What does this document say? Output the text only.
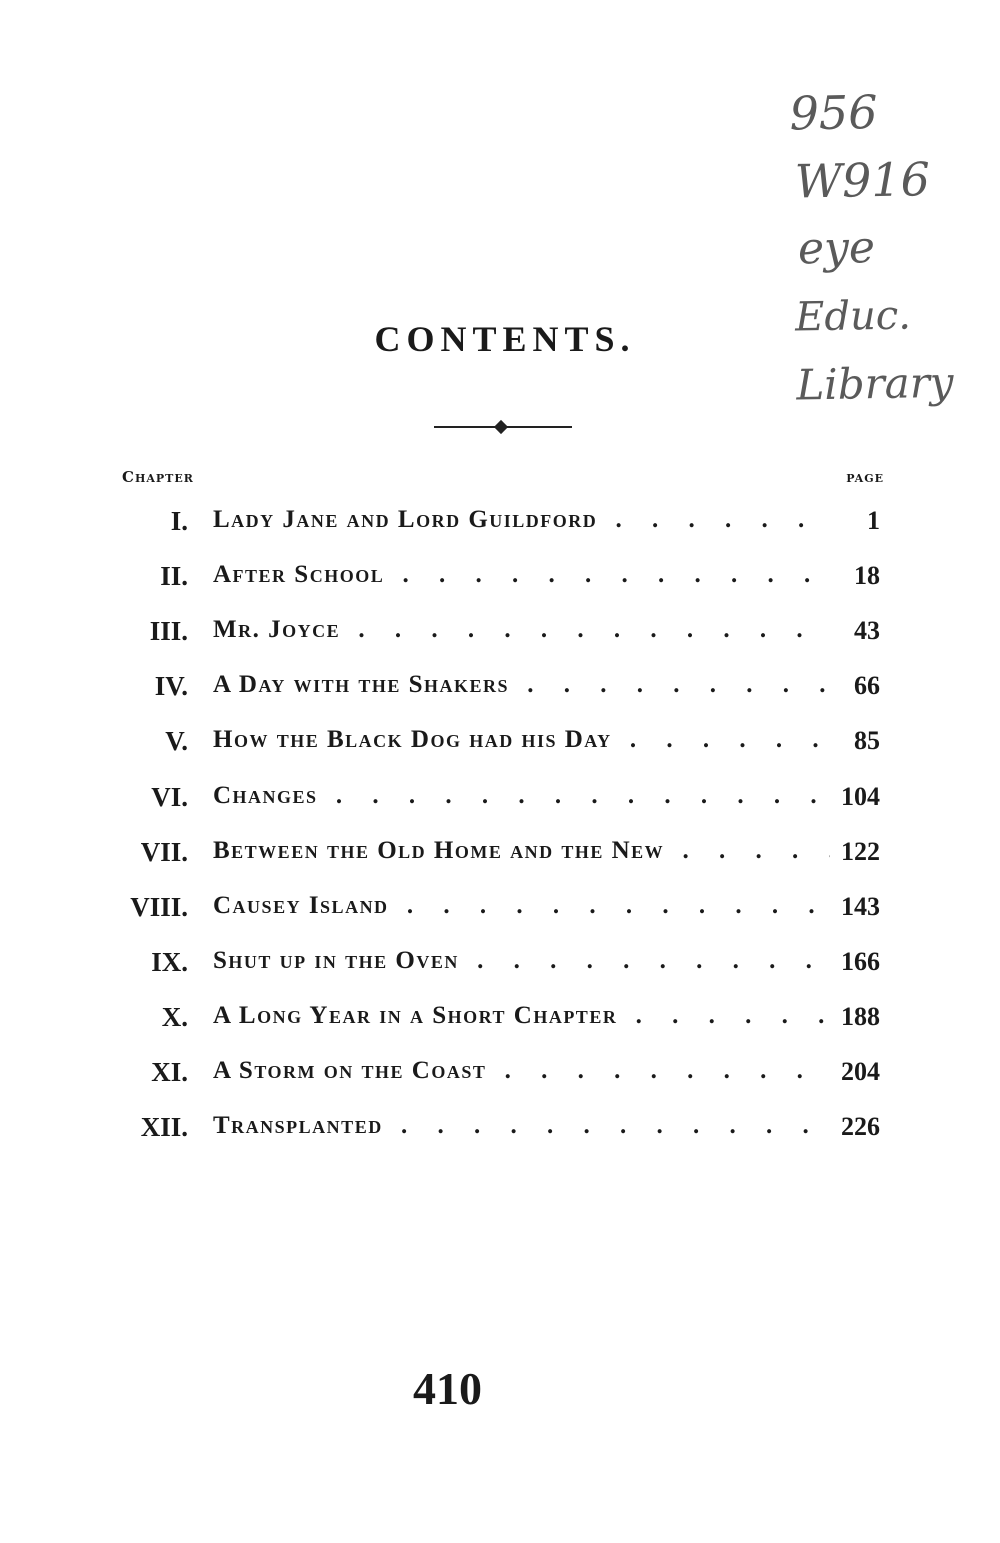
956
W916
eye
Educ.
Library
CONTENTS.
Chapter	page
I. Lady Jane and Lord Guildford . . .	1
II. After School . . .	18
III. Mr. Joyce . . .	43
IV. A Day with the Shakers . . .	66
V. How the Black Dog had his Day . . .	85
VI. Changes . . .	104
VII. Between the Old Home and the New . . .	122
VIII. Causey Island . . .	143
IX. Shut up in the Oven . . .	166
X. A Long Year in a Short Chapter . . .	188
XI. A Storm on the Coast . . .	204
XII. Transplanted . . .	226
410
